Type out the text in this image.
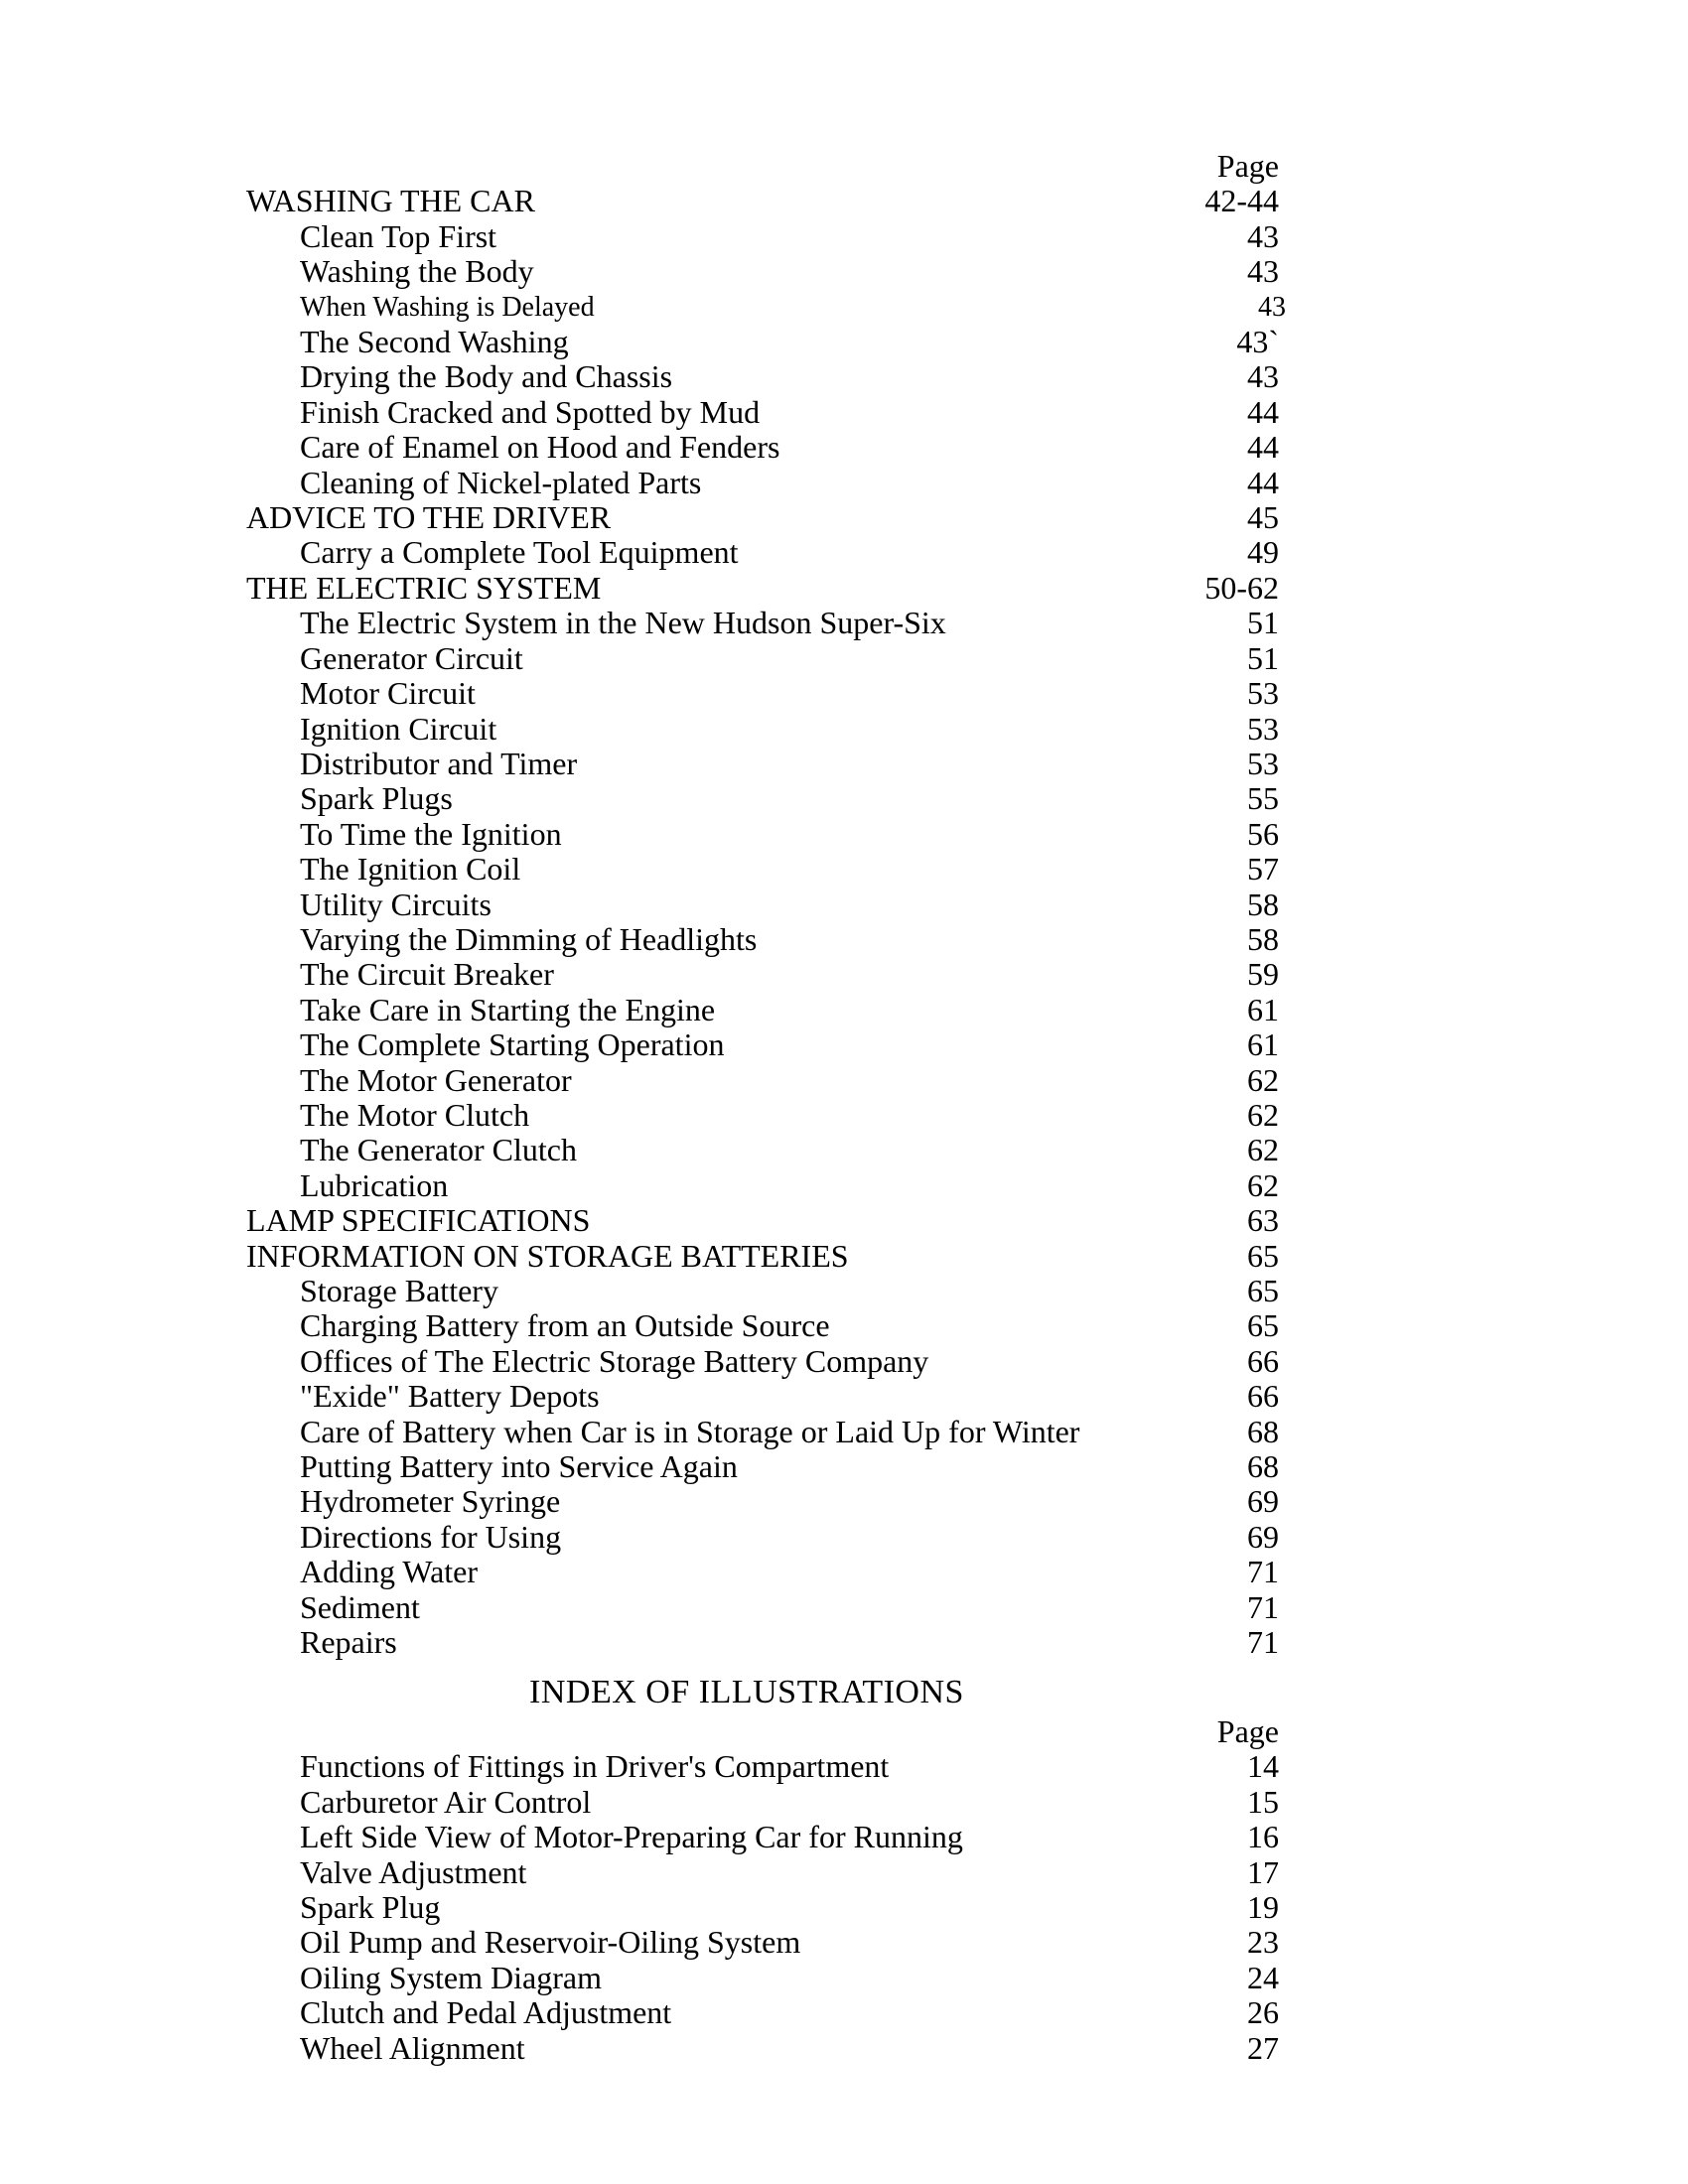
Page
WASHING THE CAR	42-44
Clean Top First	43
Washing the Body	43
When Washing is Delayed	43
The Second Washing	43`
Drying the Body and Chassis	43
Finish Cracked and Spotted by Mud	44
Care of Enamel on Hood and Fenders	44
Cleaning of Nickel-plated Parts	44
ADVICE TO THE DRIVER	45
Carry a Complete Tool Equipment	49
THE ELECTRIC SYSTEM	50-62
The Electric System in the New Hudson Super-Six	51
Generator Circuit	51
Motor Circuit	53
Ignition Circuit	53
Distributor and Timer	53
Spark Plugs	55
To Time the Ignition	56
The Ignition Coil	57
Utility Circuits	58
Varying the Dimming of Headlights	58
The Circuit Breaker	59
Take Care in Starting the Engine	61
The Complete Starting Operation	61
The Motor Generator	62
The Motor Clutch	62
The Generator Clutch	62
Lubrication	62
LAMP SPECIFICATIONS	63
INFORMATION ON STORAGE BATTERIES	65
Storage Battery	65
Charging Battery from an Outside Source	65
Offices of The Electric Storage Battery Company	66
"Exide" Battery Depots	66
Care of Battery when Car is in Storage or Laid Up for Winter	68
Putting Battery into Service Again	68
Hydrometer Syringe	69
Directions for Using	69
Adding Water	71
Sediment	71
Repairs	71
INDEX OF ILLUSTRATIONS
Page
Functions of Fittings in Driver's Compartment	14
Carburetor Air Control	15
Left Side View of Motor-Preparing Car for Running	16
Valve Adjustment	17
Spark Plug	19
Oil Pump and Reservoir-Oiling System	23
Oiling System Diagram	24
Clutch and Pedal Adjustment	26
Wheel Alignment	27
